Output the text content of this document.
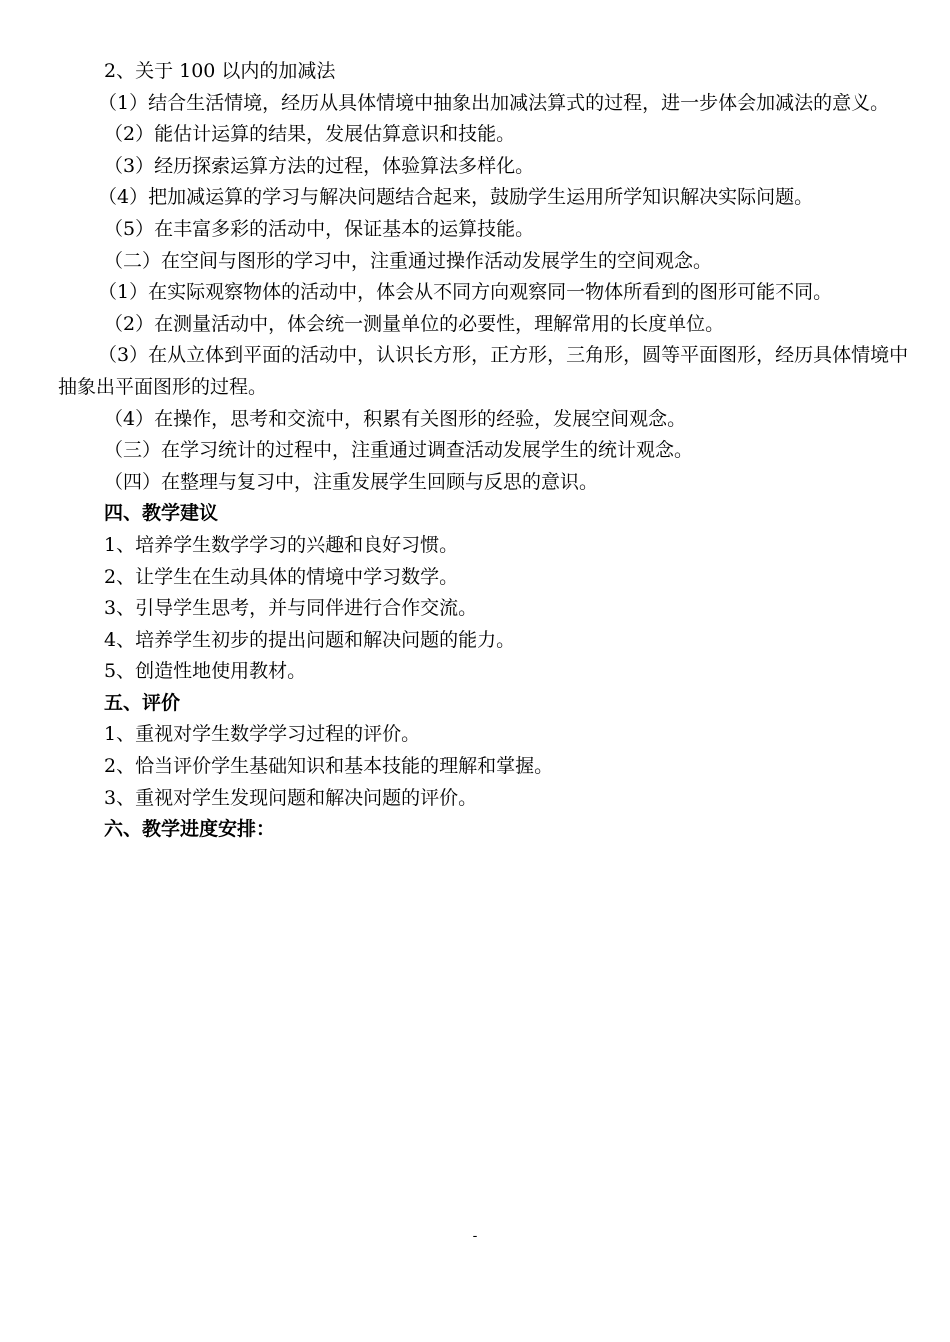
2、关于 100 以内的加减法
（1）结合生活情境，经历从具体情境中抽象出加减法算式的过程，进一步体会加减法的意义。
（2）能估计运算的结果，发展估算意识和技能。
（3）经历探索运算方法的过程，体验算法多样化。
（4）把加减运算的学习与解决问题结合起来，鼓励学生运用所学知识解决实际问题。
（5）在丰富多彩的活动中，保证基本的运算技能。
（二）在空间与图形的学习中，注重通过操作活动发展学生的空间观念。
（1）在实际观察物体的活动中，体会从不同方向观察同一物体所看到的图形可能不同。
（2）在测量活动中，体会统一测量单位的必要性，理解常用的长度单位。
（3）在从立体到平面的活动中，认识长方形，正方形，三角形，圆等平面图形，经历具体情境中抽象出平面图形的过程。
（4）在操作，思考和交流中，积累有关图形的经验，发展空间观念。
（三）在学习统计的过程中，注重通过调查活动发展学生的统计观念。
（四）在整理与复习中，注重发展学生回顾与反思的意识。
四、教学建议
1、培养学生数学学习的兴趣和良好习惯。
2、让学生在生动具体的情境中学习数学。
3、引导学生思考，并与同伴进行合作交流。
4、培养学生初步的提出问题和解决问题的能力。
5、创造性地使用教材。
五、评价
1、重视对学生数学学习过程的评价。
2、恰当评价学生基础知识和基本技能的理解和掌握。
3、重视对学生发现问题和解决问题的评价。
六、教学进度安排：
-
